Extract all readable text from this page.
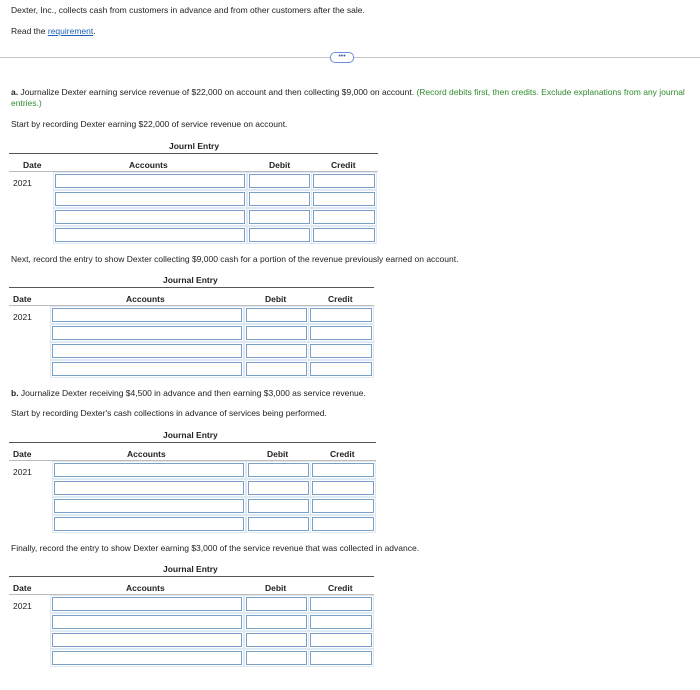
Dexter, Inc., collects cash from customers in advance and from other customers after the sale.
Read the requirement.
•••
a. Journalize Dexter earning service revenue of $22,000 on account and then collecting $9,000 on account. (Record debits first, then credits. Exclude explanations from any journal entries.)
Start by recording Dexter earning $22,000 of service revenue on account.
Journl Entry
Date	Accounts	Debit	Credit
2021
Next, record the entry to show Dexter collecting $9,000 cash for a portion of the revenue previously earned on account.
Journal Entry
Date	Accounts	Debit	Credit
2021
b. Journalize Dexter receiving $4,500 in advance and then earning $3,000 as service revenue.
Start by recording Dexter's cash collections in advance of services being performed.
Journal Entry
Date	Accounts	Debit	Credit
2021
Finally, record the entry to show Dexter earning $3,000 of the service revenue that was collected in advance.
Journal Entry
Date	Accounts	Debit	Credit
2021
